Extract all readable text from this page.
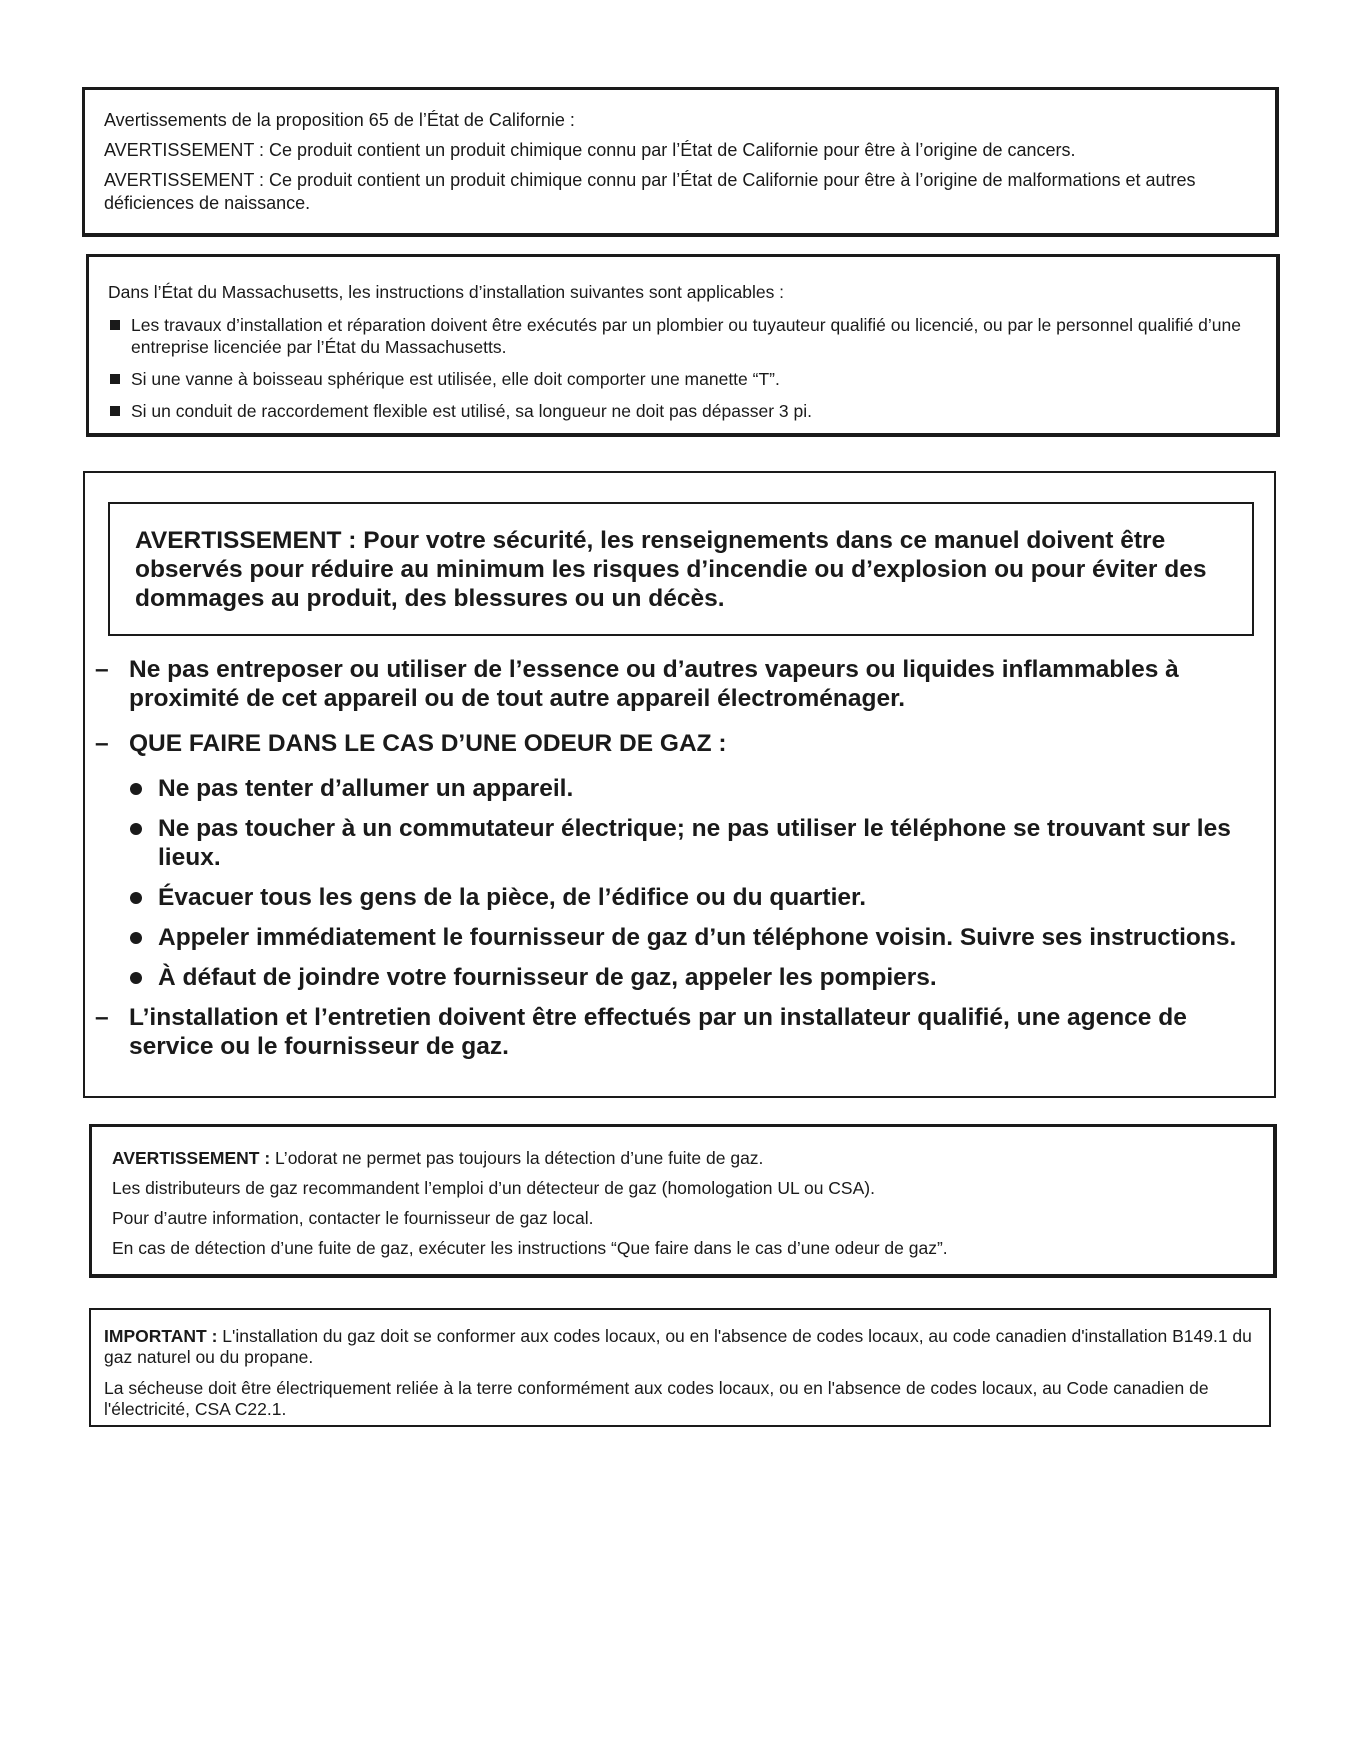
Avertissements de la proposition 65 de l’État de Californie :

AVERTISSEMENT : Ce produit contient un produit chimique connu par l’État de Californie pour être à l’origine de cancers.

AVERTISSEMENT : Ce produit contient un produit chimique connu par l’État de Californie pour être à l’origine de malformations et autres déficiences de naissance.

Dans l’État du Massachusetts, les instructions d’installation suivantes sont applicables :

Les travaux d’installation et réparation doivent être exécutés par un plombier ou tuyauteur qualifié ou licencié, ou par le personnel qualifié d’une entreprise licenciée par l’État du Massachusetts.
Si une vanne à boisseau sphérique est utilisée, elle doit comporter une manette “T”.
Si un conduit de raccordement flexible est utilisé, sa longueur ne doit pas dépasser 3 pi.
AVERTISSEMENT : Pour votre sécurité, les renseignements dans ce manuel doivent être observés pour réduire au minimum les risques d’incendie ou d’explosion ou pour éviter des dommages au produit, des blessures ou un décès.
– Ne pas entreposer ou utiliser de l’essence ou d’autres vapeurs ou liquides inflammables à proximité de cet appareil ou de tout autre appareil électroménager.
– QUE FAIRE DANS LE CAS D’UNE ODEUR DE GAZ :
Ne pas tenter d’allumer un appareil.
Ne pas toucher à un commutateur électrique; ne pas utiliser le téléphone se trouvant sur les lieux.
Évacuer tous les gens de la pièce, de l’édifice ou du quartier.
Appeler immédiatement le fournisseur de gaz d’un téléphone voisin. Suivre ses instructions.
À défaut de joindre votre fournisseur de gaz, appeler les pompiers.
– L’installation et l’entretien doivent être effectués par un installateur qualifié, une agence de service ou le fournisseur de gaz.

AVERTISSEMENT : L’odorat ne permet pas toujours la détection d’une fuite de gaz.

Les distributeurs de gaz recommandent l’emploi d’un détecteur de gaz (homologation UL ou CSA).

Pour d’autre information, contacter le fournisseur de gaz local.

En cas de détection d’une fuite de gaz, exécuter les instructions “Que faire dans le cas d’une odeur de gaz”.

IMPORTANT : L'installation du gaz doit se conformer aux codes locaux, ou en l'absence de codes locaux, au code canadien d'installation B149.1 du gaz naturel ou du propane.

La sécheuse doit être électriquement reliée à la terre conformément aux codes locaux, ou en l'absence de codes locaux, au Code canadien de l'électricité, CSA C22.1.
